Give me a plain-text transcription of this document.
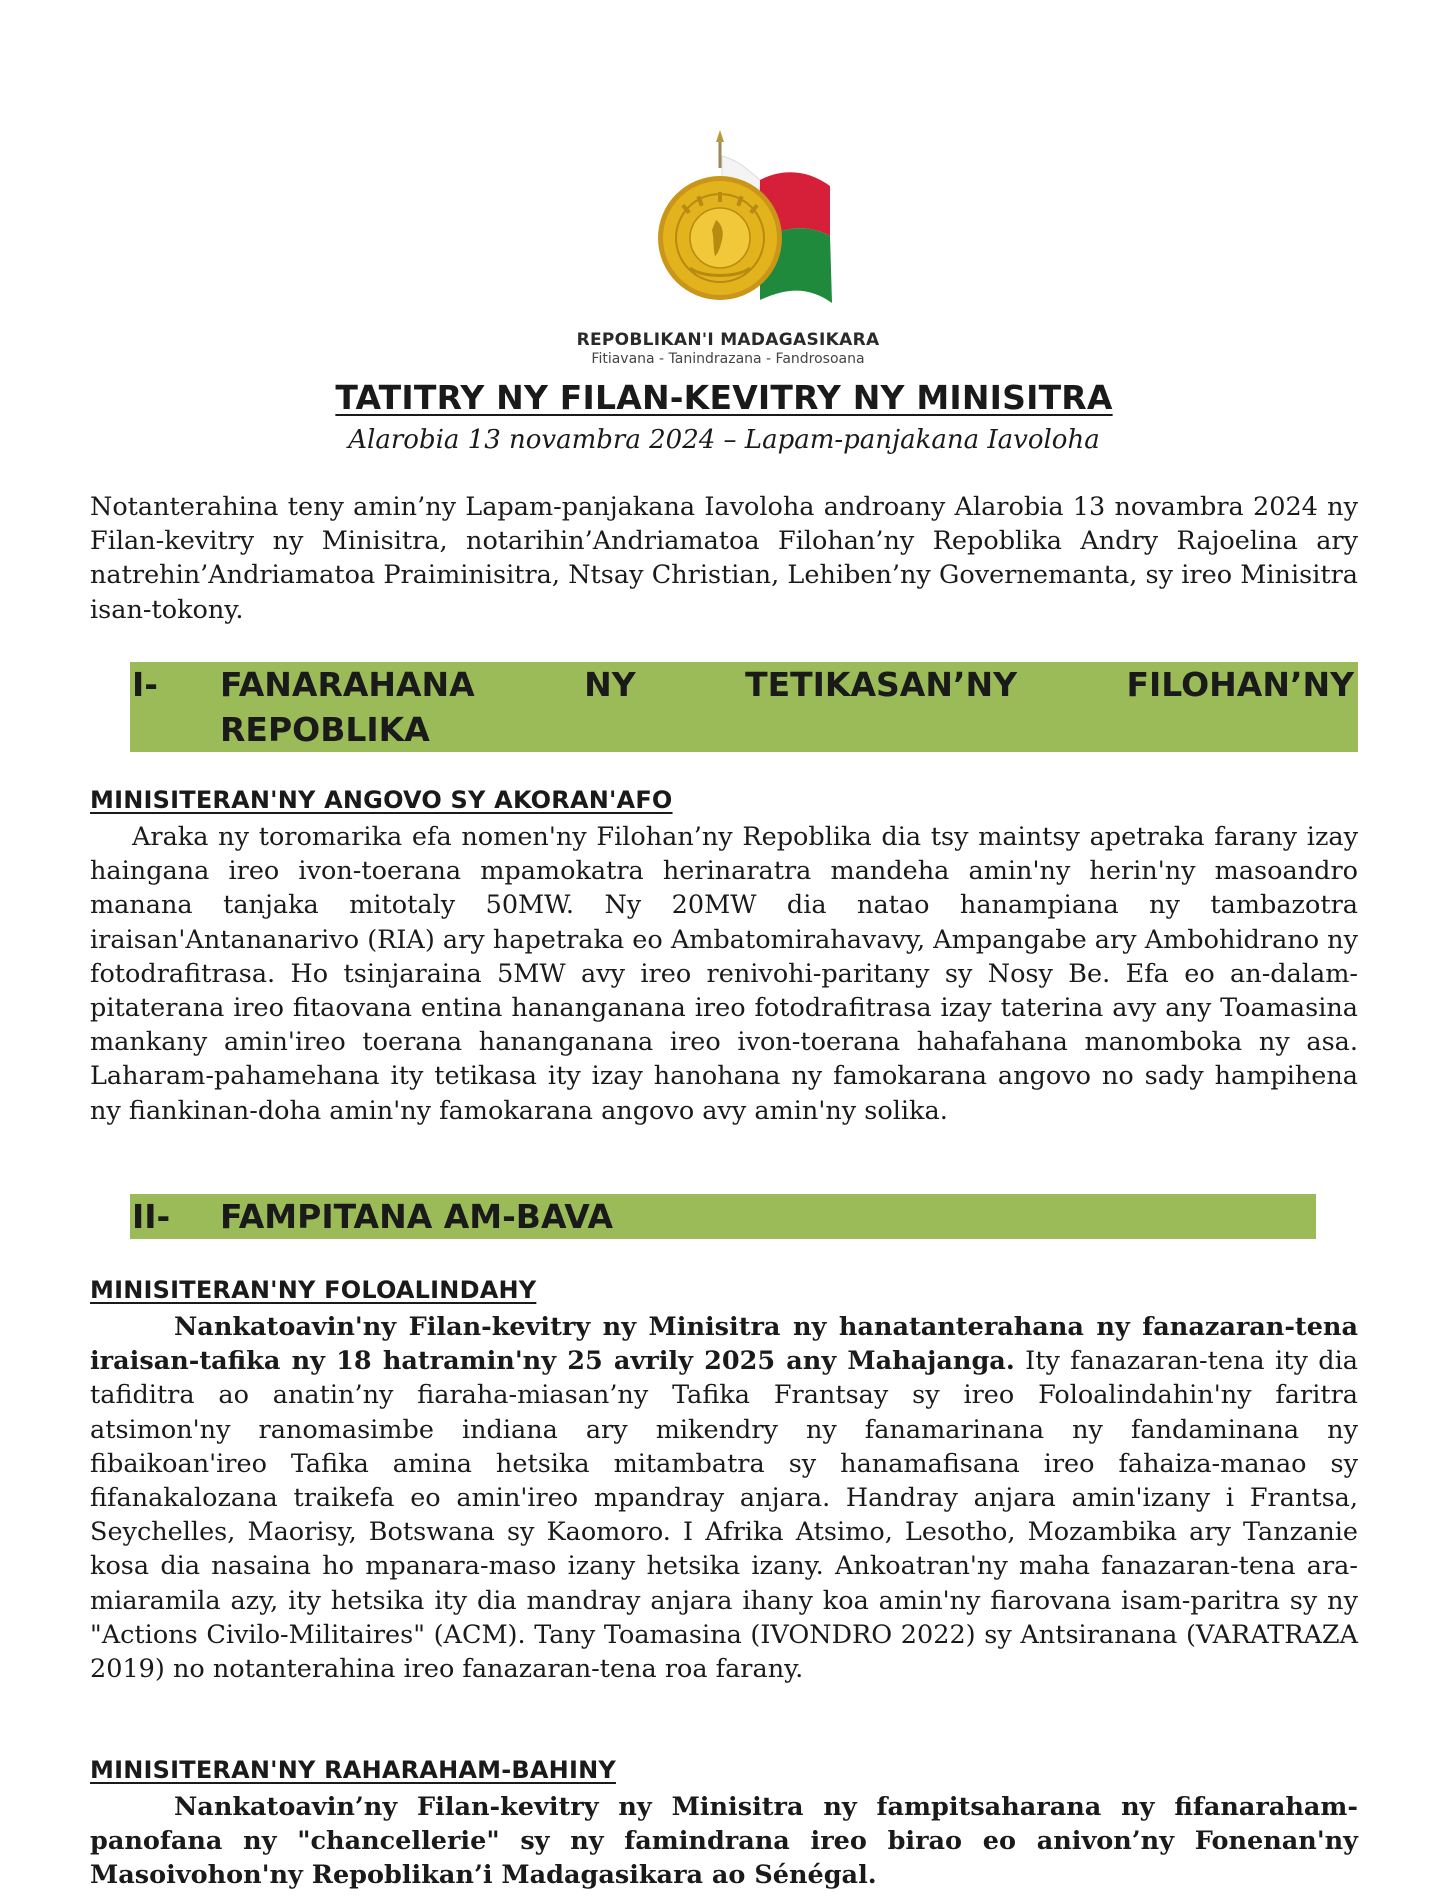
REPOBLIKAN'I MADAGASIKARA
Fitiavana - Tanindrazana - Fandrosoana
TATITRY NY FILAN-KEVITRY NY MINISITRA
Alarobia 13 novambra 2024 – Lapam-panjakana Iavoloha

Notanterahina teny amin’ny Lapam-panjakana Iavoloha androany Alarobia 13 novambra 2024 ny Filan-kevitry ny Minisitra, notarihin’Andriamatoa Filohan’ny Repoblika Andry Rajoelina ary natrehin’Andriamatoa Praiminisitra, Ntsay Christian, Lehiben’ny Governemanta, sy ireo Minisitra isan-tokony.

I- FANARAHANA	NY	TETIKASAN’NY	FILOHAN’NY
REPOBLIKA
MINISITERAN'NY ANGOVO SY AKORAN'AFO

Araka ny toromarika efa nomen'ny Filohan’ny Repoblika dia tsy maintsy apetraka farany izay haingana ireo ivon-toerana mpamokatra herinaratra mandeha amin'ny herin'ny masoandro manana tanjaka mitotaly 50MW. Ny 20MW dia natao hanampiana ny tambazotra iraisan'Antananarivo (RIA) ary hapetraka eo Ambatomirahavavy, Ampangabe ary Ambohidrano ny fotodrafitrasa. Ho tsinjaraina 5MW avy ireo renivohi-paritany sy Nosy Be. Efa eo an-dalam-pitaterana ireo fitaovana entina hananganana ireo fotodrafitrasa izay taterina avy any Toamasina mankany amin'ireo toerana hananganana ireo ivon-toerana hahafahana manomboka ny asa. Laharam-pahamehana ity tetikasa ity izay hanohana ny famokarana angovo no sady hampihena ny fiankinan-doha amin'ny famokarana angovo avy amin'ny solika.

II- FAMPITANA AM-BAVA
MINISITERAN'NY FOLOALINDAHY

Nankatoavin'ny Filan-kevitry ny Minisitra ny hanatanterahana ny fanazaran-tena iraisan-tafika ny 18 hatramin'ny 25 avrily 2025 any Mahajanga. Ity fanazaran-tena ity dia tafiditra ao anatin’ny fiaraha-miasan’ny Tafika Frantsay sy ireo Foloalindahin'ny faritra atsimon'ny ranomasimbe indiana ary mikendry ny fanamarinana ny fandaminana ny fibaikoan'ireo Tafika amina hetsika mitambatra sy hanamafisana ireo fahaiza-manao sy fifanakalozana traikefa eo amin'ireo mpandray anjara. Handray anjara amin'izany i Frantsa, Seychelles, Maorisy, Botswana sy Kaomoro. I Afrika Atsimo, Lesotho, Mozambika ary Tanzanie kosa dia nasaina ho mpanara-maso izany hetsika izany. Ankoatran'ny maha fanazaran-tena ara-miaramila azy, ity hetsika ity dia mandray anjara ihany koa amin'ny fiarovana isam-paritra sy ny "Actions Civilo-Militaires" (ACM). Tany Toamasina (IVONDRO 2022) sy Antsiranana (VARATRAZA 2019) no notanterahina ireo fanazaran-tena roa farany.

MINISITERAN'NY RAHARAHAM-BAHINY

Nankatoavin’ny Filan-kevitry ny Minisitra ny fampitsaharana ny fifanaraham-panofana ny "chancellerie" sy ny famindrana ireo birao eo anivon’ny Fonenan'ny Masoivohon'ny Repoblikan’i Madagasikara ao Sénégal.
